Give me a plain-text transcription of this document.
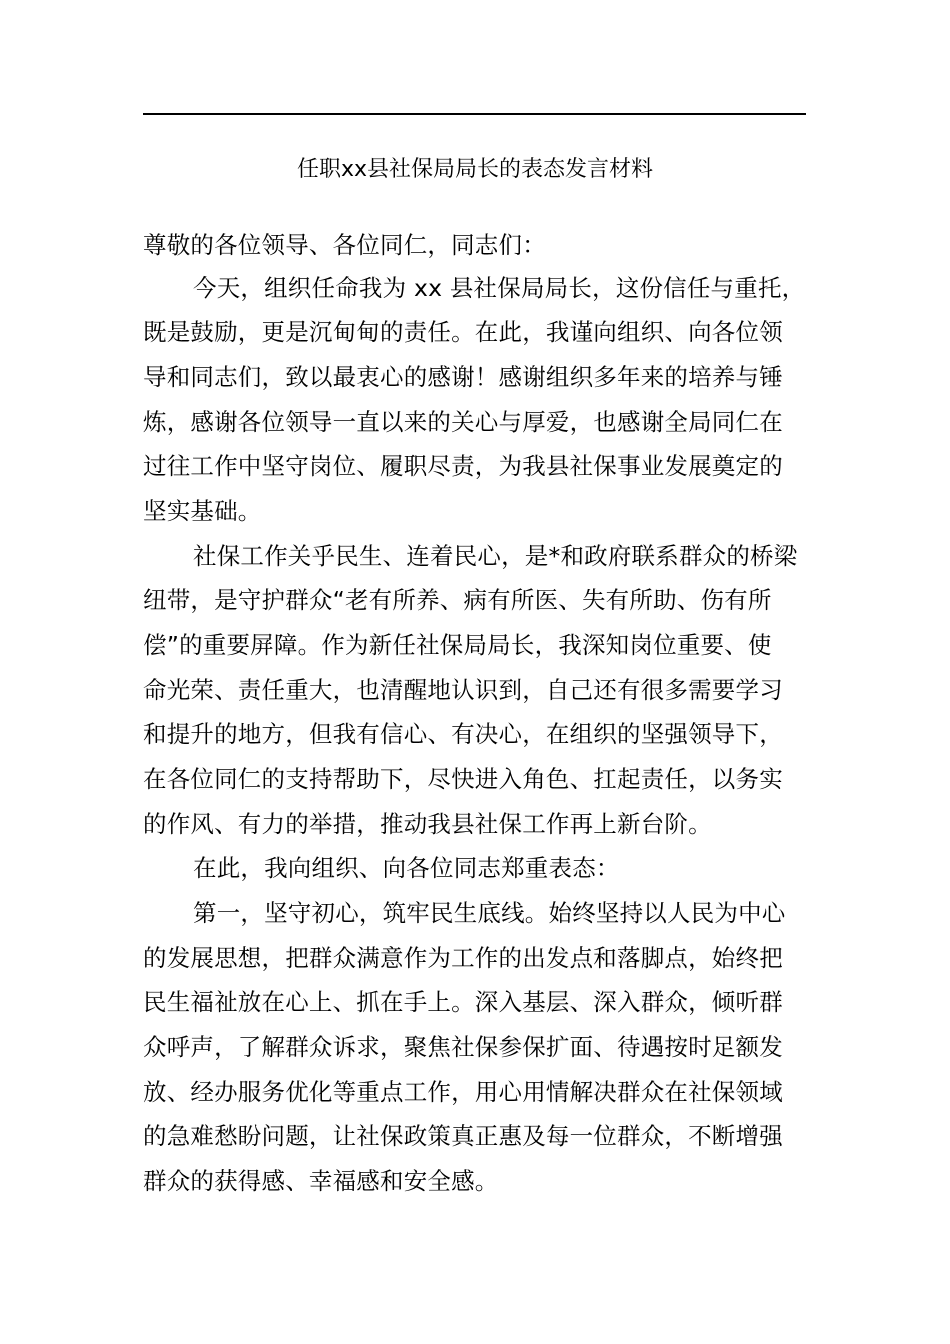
任职xx县社保局局长的表态发言材料
尊敬的各位领导、各位同仁，同志们：
今天，组织任命我为 xx 县社保局局长，这份信任与重托，
既是鼓励，更是沉甸甸的责任。在此，我谨向组织、向各位领
导和同志们，致以最衷心的感谢！感谢组织多年来的培养与锤
炼，感谢各位领导一直以来的关心与厚爱，也感谢全局同仁在
过往工作中坚守岗位、履职尽责，为我县社保事业发展奠定的
坚实基础。
社保工作关乎民生、连着民心，是*和政府联系群众的桥梁
纽带，是守护群众“老有所养、病有所医、失有所助、伤有所
偿”的重要屏障。作为新任社保局局长，我深知岗位重要、使
命光荣、责任重大，也清醒地认识到，自己还有很多需要学习
和提升的地方，但我有信心、有决心，在组织的坚强领导下，
在各位同仁的支持帮助下，尽快进入角色、扛起责任，以务实
的作风、有力的举措，推动我县社保工作再上新台阶。
在此，我向组织、向各位同志郑重表态：
第一，坚守初心，筑牢民生底线。始终坚持以人民为中心
的发展思想，把群众满意作为工作的出发点和落脚点，始终把
民生福祉放在心上、抓在手上。深入基层、深入群众，倾听群
众呼声，了解群众诉求，聚焦社保参保扩面、待遇按时足额发
放、经办服务优化等重点工作，用心用情解决群众在社保领域
的急难愁盼问题，让社保政策真正惠及每一位群众，不断增强
群众的获得感、幸福感和安全感。
